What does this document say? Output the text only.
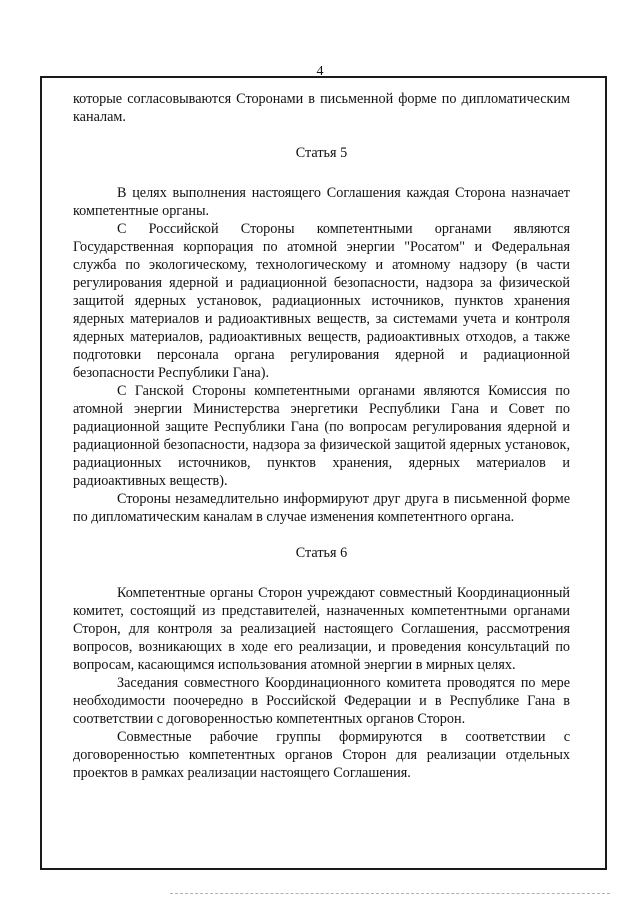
4

которые согласовываются Сторонами в письменной форме по дипломатическим каналам.

Статья 5

В целях выполнения настоящего Соглашения каждая Сторона назначает компетентные органы.

С Российской Стороны компетентными органами являются Государственная корпорация по атомной энергии "Росатом" и Федеральная служба по экологическому, технологическому и атомному надзору (в части регулирования ядерной и радиационной безопасности, надзора за физической защитой ядерных установок, радиационных источников, пунктов хранения ядерных материалов и радиоактивных веществ, за системами учета и контроля ядерных материалов, радиоактивных веществ, радиоактивных отходов, а также подготовки персонала органа регулирования ядерной и радиационной безопасности Республики Гана).

С Ганской Стороны компетентными органами являются Комиссия по атомной энергии Министерства энергетики Республики Гана и Совет по радиационной защите Республики Гана (по вопросам регулирования ядерной и радиационной безопасности, надзора за физической защитой ядерных установок, радиационных источников, пунктов хранения, ядерных материалов и радиоактивных веществ).

Стороны незамедлительно информируют друг друга в письменной форме по дипломатическим каналам в случае изменения компетентного органа.

Статья 6

Компетентные органы Сторон учреждают совместный Координационный комитет, состоящий из представителей, назначенных компетентными органами Сторон, для контроля за реализацией настоящего Соглашения, рассмотрения вопросов, возникающих в ходе его реализации, и проведения консультаций по вопросам, касающимся использования атомной энергии в мирных целях.

Заседания совместного Координационного комитета проводятся по мере необходимости поочередно в Российской Федерации и в Республике Гана в соответствии с договоренностью компетентных органов Сторон.

Совместные рабочие группы формируются в соответствии с договоренностью компетентных органов Сторон для реализации отдельных проектов в рамках реализации настоящего Соглашения.
